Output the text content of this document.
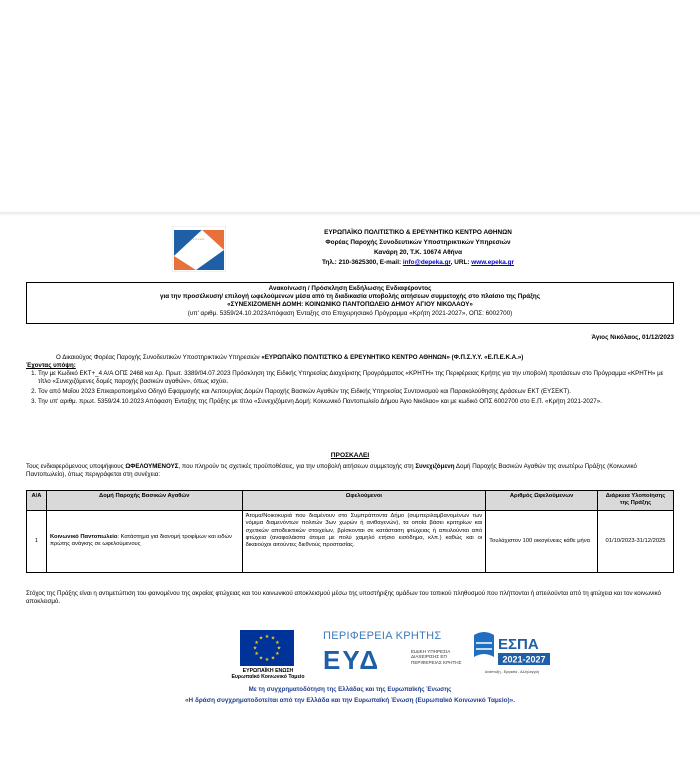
ε.π.ε.κ.α.
ΕΥΡΩΠΑΪΚΟ ΠΟΛΙΤΙΣΤΙΚΟ & ΕΡΕΥΝΗΤΙΚΟ ΚΕΝΤΡΟ ΑΘΗΝΩΝ
Φορέας Παροχής Συνοδευτικών Υποστηρικτικών Υπηρεσιών
Κανάρη 20, Τ.Κ. 10674 Αθήνα
Τηλ.: 210-3625300, E-mail: info@depeka.gr, URL: www.epeka.gr
Ανακοίνωση / Πρόσκληση Εκδήλωσης Ενδιαφέροντος
για την προσέλκυση/ επιλογή ωφελούμενων μέσα από τη διαδικασία υποβολής αιτήσεων συμμετοχής στο πλαίσιο της Πράξης
«ΣΥΝΕΧΙΖΟΜΕΝΗ ΔΟΜΗ: ΚΟΙΝΩΝΙΚΟ ΠΑΝΤΟΠΩΛΕΙΟ ΔΗΜΟΥ ΑΓΙΟΥ ΝΙΚΟΛΑΟΥ»
(υπ' αριθμ. 5359/24.10.2023Απόφαση Ένταξης στο Επιχειρησιακό Πρόγραμμα «Κρήτη 2021-2027», ΟΠΣ: 6002700)
Άγιος Νικόλαος, 01/12/2023
Ο Δικαιούχος Φορέας Παροχής Συνοδευτικών Υποστηρικτικών Υπηρεσιών «ΕΥΡΩΠΑΪΚΟ ΠΟΛΙΤΙΣΤΙΚΟ & ΕΡΕΥΝΗΤΙΚΟ ΚΕΝΤΡΟ ΑΘΗΝΩΝ» (Φ.Π.Σ.Υ.Υ. «Ε.Π.Ε.Κ.Α.»)
Έχοντας υπόψη:
1. Την με Κωδικό ΕΚΤ+_4 Α/Α ΟΠΣ 2468 και Αρ. Πρωτ. 3389/04.07.2023 Πρόσκληση της Ειδικής Υπηρεσίας Διαχείρισης Προγράμματος «ΚΡΗΤΗ» της Περιφέρειας Κρήτης για την υποβολή προτάσεων στο Πρόγραμμα «ΚΡΗΤΗ» με τίτλο «Συνεχιζόμενες δομές παροχής βασικών αγαθών», όπως ισχύει.
2. Τον από Μαΐου 2023 Επικαιροποιημένο Οδηγό Εφαρμογής και Λειτουργίας Δομών Παροχής Βασικών Αγαθών της Ειδικής Υπηρεσίας Συντονισμού και Παρακολούθησης Δράσεων ΕΚΤ (ΕΥΣΕΚΤ).
3. Την υπ' αριθμ. πρωτ. 5359/24.10.2023 Απόφαση Ένταξης της Πράξης με τίτλο «Συνεχιζόμενη Δομή: Κοινωνικό Παντοπωλείο Δήμου Άγιο Νικόλαο» και με κωδικό ΟΠΣ 6002700 στο Ε.Π. «Κρήτη 2021-2027».
ΠΡΟΣΚΑΛΕΙ
Τους ενδιαφερόμενους υποψήφιους ΩΦΕΛΟΥΜΕΝΟΥΣ, που πληρούν τις σχετικές προϋποθέσεις, για την υποβολή αιτήσεων συμμετοχής στη Συνεχιζόμενη Δομή Παροχής Βασικών Αγαθών της ανωτέρω Πράξης (Κοινωνικό Παντοπωλείο), όπως περιγράφεται στη συνέχεια:
Α/Α	Δομή Παροχής Βασικών Αγαθών	Ωφελούμενοι	Αριθμός Ωφελούμενων	Διάρκεια Υλοποίησης της Πράξης
1	Κοινωνικό Παντοπωλείο: Κατάστημα για διανομή τροφίμων και ειδών πρώτης ανάγκης σε ωφελούμενους	Άτομα/Νοικοκυριά που διαμένουν στο Συμπράττοντα Δήμο (συμπεριλαμβανομένων των νόμιμα διαμενόντων πολιτών 3ων χωρών ή ανιθαγενών), τα οποία βάσει κριτηρίων και σχετικών αποδεικτικών στοιχείων, βρίσκονται σε κατάσταση φτώχειας ή απειλούνται από φτώχεια (αναφαλάιστα άτομα με πολύ χαμηλό ετήσιο εισόδημα, κλπ.) καθώς και οι δικαιούχοι αιτούντες διεθνούς προστασίας.	Τουλάχιστον 100 οικογένειες κάθε μήνα	01/10/2023-31/12/2025
Στόχος της Πράξης είναι η αντιμετώπιση του φαινομένου της ακραίας φτώχειας και του κοινωνικού αποκλεισμού μέσω της υποστήριξης ομάδων του τοπικού πληθυσμού που πλήττονται ή απειλούνται από τη φτώχεια και τον κοινωνικό αποκλεισμό.
★ ★
★
★
★
★
★
★
★
★
★
★
ΕΥΡΩΠΑΪΚΗ ΕΝΩΣΗ
Ευρωπαϊκό Κοινωνικό Ταμείο
ΠΕΡΙΦΕΡΕΙΑ ΚΡΗΤΗΣ
ΕΥΔ	ΕΙΔΙΚΗ ΥΠΗΡΕΣΙΑ
ΔΙΑΧΕΙΡΙΣΗΣ ΕΠ
ΠΕΡΙΦΕΡΕΙΑΣ ΚΡΗΤΗΣ
ΕΣΠΑ
2021-2027
Ανάπτυξη - Εργασία - Αλληλεγγύη
Με τη συγχρηματοδότηση της Ελλάδας και της Ευρωπαϊκής Ένωσης
«Η δράση συγχρηματοδοτείται από την Ελλάδα και την Ευρωπαϊκή Ένωση (Ευρωπαϊκό Κοινωνικό Ταμείο)».
